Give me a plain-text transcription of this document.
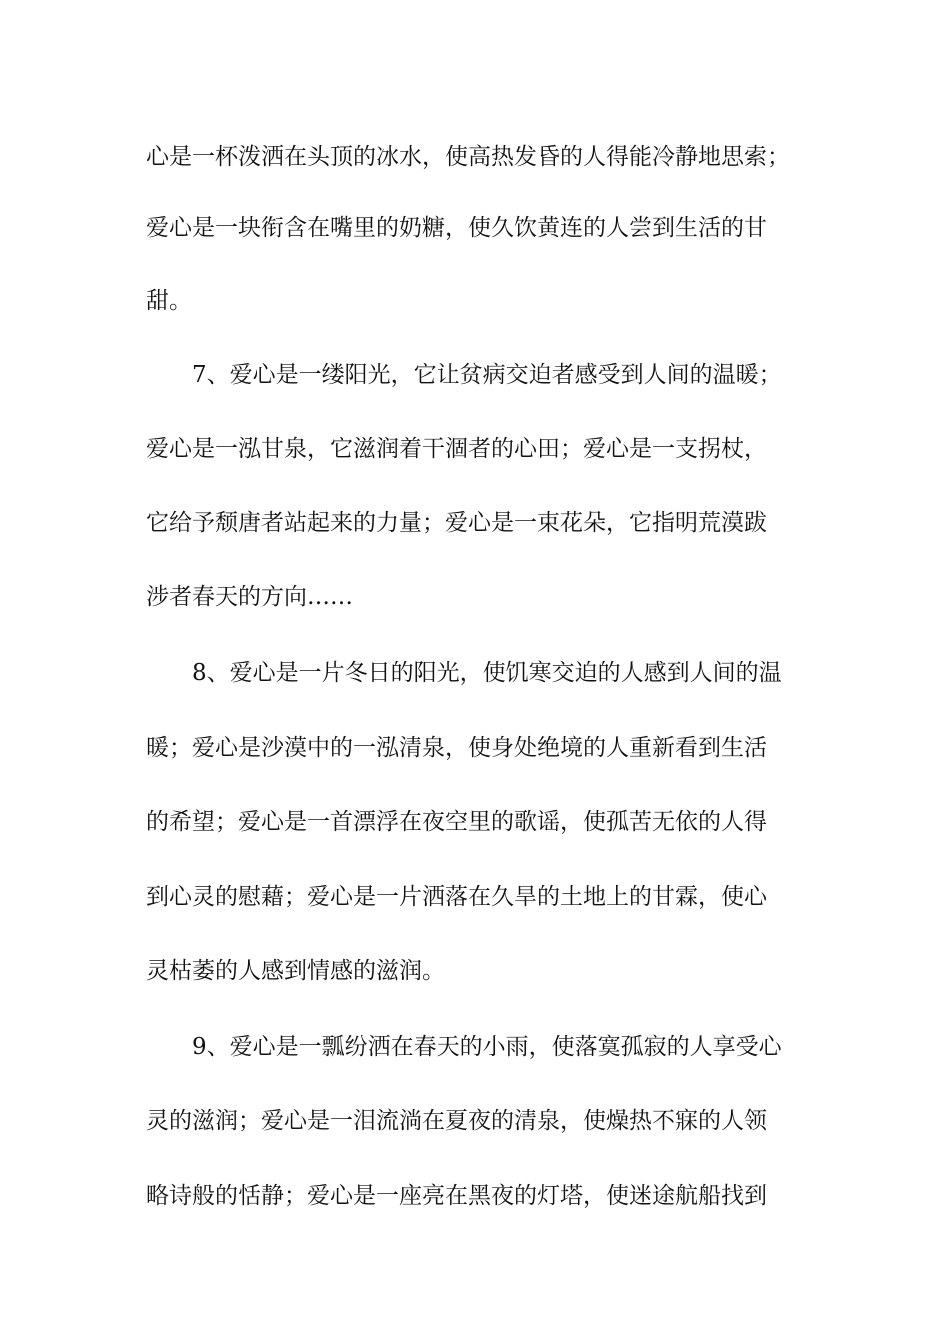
心是一杯泼洒在头顶的冰水，使高热发昏的人得能冷静地思索；
爱心是一块衔含在嘴里的奶糖，使久饮黄连的人尝到生活的甘
甜。
7、爱心是一缕阳光，它让贫病交迫者感受到人间的温暖；
爱心是一泓甘泉，它滋润着干涸者的心田；爱心是一支拐杖，
它给予颓唐者站起来的力量；爱心是一束花朵，它指明荒漠跋
涉者春天的方向……
8、爱心是一片冬日的阳光，使饥寒交迫的人感到人间的温
暖；爱心是沙漠中的一泓清泉，使身处绝境的人重新看到生活
的希望；爱心是一首漂浮在夜空里的歌谣，使孤苦无依的人得
到心灵的慰藉；爱心是一片洒落在久旱的土地上的甘霖，使心
灵枯萎的人感到情感的滋润。
9、爱心是一瓢纷洒在春天的小雨，使落寞孤寂的人享受心
灵的滋润；爱心是一泪流淌在夏夜的清泉，使燥热不寐的人领
略诗般的恬静；爱心是一座亮在黑夜的灯塔，使迷途航船找到
